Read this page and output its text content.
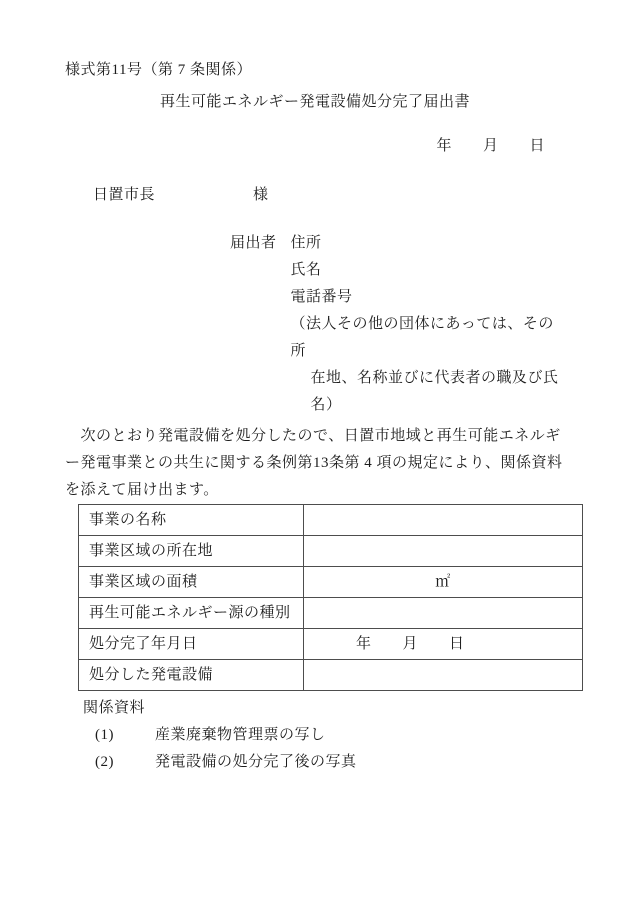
様式第11号（第 7 条関係）
再生可能エネルギー発電設備処分完了届出書
年　　月　　日
日置市長	様
届出者 住所
氏名
電話番号
（法人その他の団体にあっては、その所
在地、名称並びに代表者の職及び氏名）
　次のとおり発電設備を処分したので、日置市地域と再生可能エネルギ
ー発電事業との共生に関する条例第13条第 4 項の規定により、関係資料
を添えて届け出ます。
事業の名称	
事業区域の所在地	
事業区域の面積	㎡
再生可能エネルギー源の種別	
処分完了年月日	年　　月　　日
処分した発電設備	
関係資料
(1)	産業廃棄物管理票の写し
(2)	発電設備の処分完了後の写真
